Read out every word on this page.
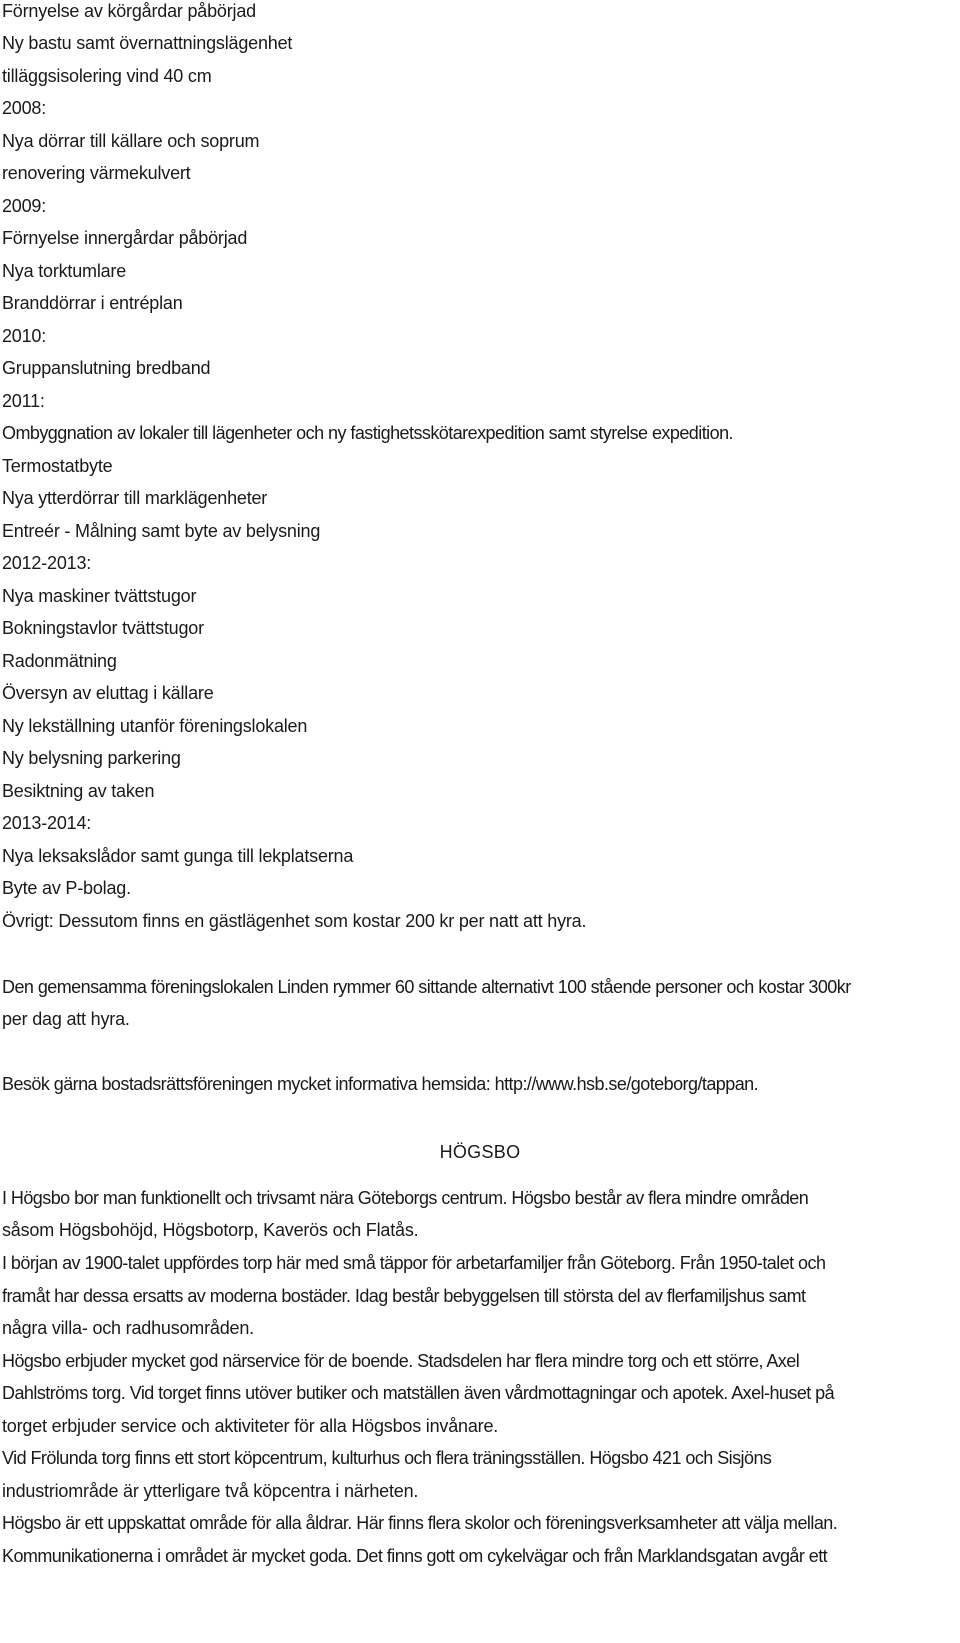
Förnyelse av körgårdar påbörjad
Ny bastu samt övernattningslägenhet
tilläggsisolering vind 40 cm
2008:
Nya dörrar till källare och soprum
renovering värmekulvert
2009:
Förnyelse innergårdar påbörjad
Nya torktumlare
Branddörrar i entréplan
2010:
Gruppanslutning bredband
2011:
Ombyggnation av lokaler till lägenheter och ny fastighetsskötarexpedition samt styrelse expedition.
Termostatbyte
Nya ytterdörrar till marklägenheter
Entreér - Målning samt byte av belysning
2012-2013:
Nya maskiner tvättstugor
Bokningstavlor tvättstugor
Radonmätning
Översyn av eluttag i källare
Ny lekställning utanför föreningslokalen
Ny belysning parkering
Besiktning av taken
2013-2014:
Nya leksakslådor samt gunga till lekplatserna
Byte av P-bolag.
Övrigt: Dessutom finns en gästlägenhet som kostar 200 kr per natt att hyra.
Den gemensamma föreningslokalen Linden rymmer 60 sittande alternativt 100 stående personer och kostar 300kr
per dag att hyra.
Besök gärna bostadsrättsföreningen mycket informativa hemsida: http://www.hsb.se/goteborg/tappan.
HÖGSBO
I Högsbo bor man funktionellt och trivsamt nära Göteborgs centrum. Högsbo består av flera mindre områden
såsom Högsbohöjd, Högsbotorp, Kaverös och Flatås.
I början av 1900-talet uppfördes torp här med små täppor för arbetarfamiljer från Göteborg. Från 1950-talet och
framåt har dessa ersatts av moderna bostäder. Idag består bebyggelsen till största del av flerfamiljshus samt
några villa- och radhusområden.
Högsbo erbjuder mycket god närservice för de boende. Stadsdelen har flera mindre torg och ett större, Axel
Dahlströms torg. Vid torget finns utöver butiker och matställen även vårdmottagningar och apotek. Axel-huset på
torget erbjuder service och aktiviteter för alla Högsbos invånare.
Vid Frölunda torg finns ett stort köpcentrum, kulturhus och flera träningsställen. Högsbo 421 och Sisjöns
industriområde är ytterligare två köpcentra i närheten.
Högsbo är ett uppskattat område för alla åldrar. Här finns flera skolor och föreningsverksamheter att välja mellan.
Kommunikationerna i området är mycket goda. Det finns gott om cykelvägar och från Marklandsgatan avgår ett
